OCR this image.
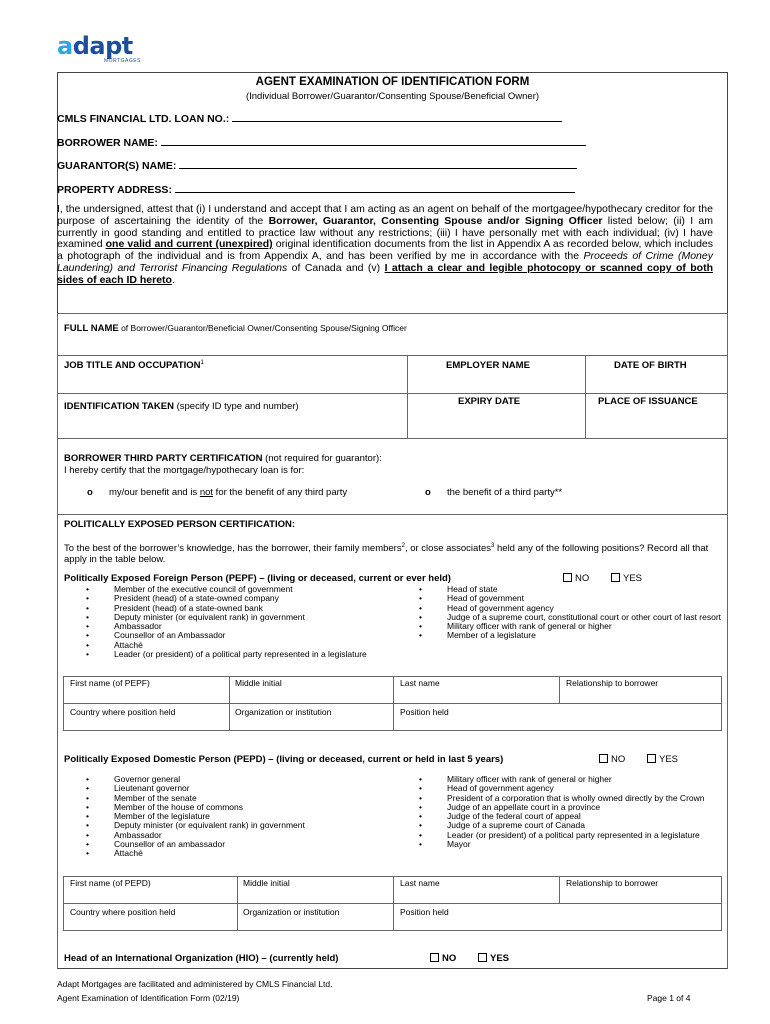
adapt
MORTGAGES
AGENT EXAMINATION OF IDENTIFICATION FORM
(Individual Borrower/Guarantor/Consenting Spouse/Beneficial Owner)
CMLS FINANCIAL LTD. LOAN NO.:
BORROWER NAME:
GUARANTOR(S) NAME:
PROPERTY ADDRESS:
I, the undersigned, attest that (i) I understand and accept that I am acting as an agent on behalf of the mortgagee/hypothecary creditor for the purpose of ascertaining the identity of the Borrower, Guarantor, Consenting Spouse and/or Signing Officer listed below; (ii) I am currently in good standing and entitled to practice law without any restrictions; (iii) I have personally met with each individual; (iv) I have examined one valid and current (unexpired) original identification documents from the list in Appendix A as recorded below, which includes a photograph of the individual and is from Appendix A, and has been verified by me in accordance with the Proceeds of Crime (Money Laundering) and Terrorist Financing Regulations of Canada and (v) I attach a clear and legible photocopy or scanned copy of both sides of each ID hereto.
FULL NAME of Borrower/Guarantor/Beneficial Owner/Consenting Spouse/Signing Officer
JOB TITLE AND OCCUPATION$^1$	EMPLOYER NAME	DATE OF BIRTH
IDENTIFICATION TAKEN (specify ID type and number)	EXPIRY DATE	PLACE OF ISSUANCE
BORROWER THIRD PARTY CERTIFICATION (not required for guarantor):
I hereby certify that the mortgage/hypothecary loan is for:
o my/our benefit and is not for the benefit of any third party	o the benefit of a third party**
POLITICALLY EXPOSED PERSON CERTIFICATION:
To the best of the borrower’s knowledge, has the borrower, their family members$^2$, or close associates$^3$ held any of the following positions? Record all that apply in the table below.
Politically Exposed Foreign Person (PEPF) – (living or deceased, current or ever held)	NO	YES
• Member of the executive council of government
• President (head) of a state-owned company
• President (head) of a state-owned bank
• Deputy minister (or equivalent rank) in government
• Ambassador
• Counsellor of an Ambassador
• Attaché
• Leader (or president) of a political party represented in a legislature
• Head of state
• Head of government
• Head of government agency
• Judge of a supreme court, constitutional court or other court of last resort
• Military officer with rank of general or higher
• Member of a legislature
First name (of PEPF)	Middle initial	Last name	Relationship to borrower
Country where position held	Organization or institution	Position held
Politically Exposed Domestic Person (PEPD) – (living or deceased, current or held in last 5 years)	NO	YES
• Governor general
• Lieutenant governor
• Member of the senate
• Member of the house of commons
• Member of the legislature
• Deputy minister (or equivalent rank) in government
• Ambassador
• Counsellor of an ambassador
• Attaché
• Military officer with rank of general or higher
• Head of government agency
• President of a corporation that is wholly owned directly by the Crown
• Judge of an appellate court in a province
• Judge of the federal court of appeal
• Judge of a supreme court of Canada
• Leader (or president) of a political party represented in a legislature
• Mayor
First name (of PEPD)	Middle initial	Last name	Relationship to borrower
Country where position held	Organization or institution	Position held
Head of an International Organization (HIO) – (currently held)	NO	YES
Adapt Mortgages are facilitated and administered by CMLS Financial Ltd.
Agent Examination of Identification Form (02/19)	Page 1 of 4
